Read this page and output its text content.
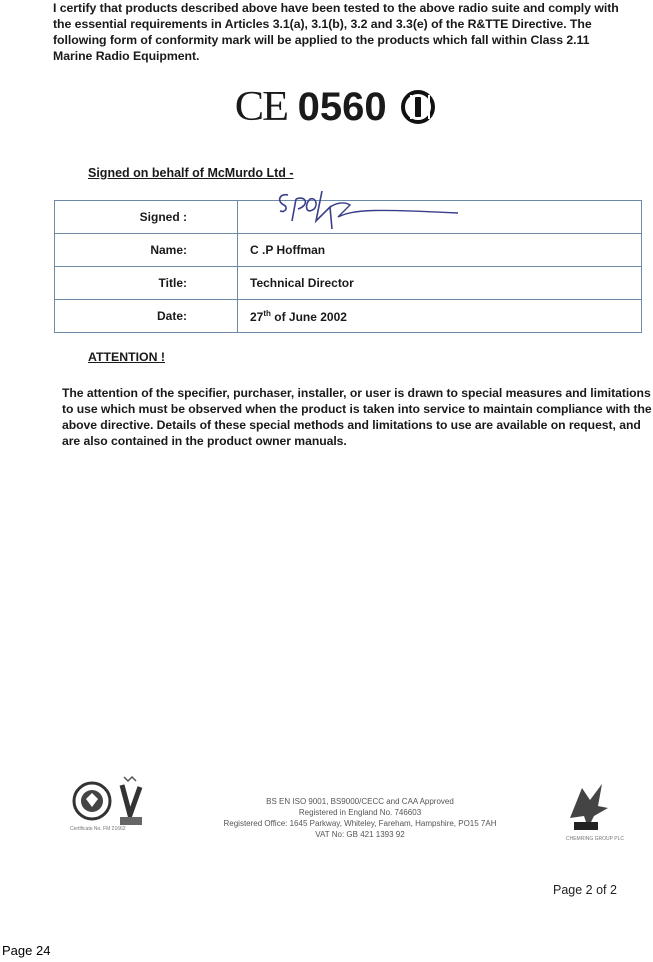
I certify that products described above have been tested to the above radio suite and comply with the essential requirements in Articles 3.1(a), 3.1(b), 3.2 and 3.3(e) of the R&TTE Directive. The following form of conformity mark will be applied to the products which fall within Class 2.11 Marine Radio Equipment.
CE 0560
Signed on behalf of McMurdo Ltd -
Signed :	

Name:	C .P Hoffman
Title:	Technical Director
Date:	27th of June 2002
ATTENTION !
The attention of the specifier, purchaser, installer, or user is drawn to special measures and limitations to use which must be observed when the product is taken into service to maintain compliance with the above directive. Details of these special methods and limitations to use are available on request, and are also contained in the product owner manuals.
Certificate No. FM 21662
BS EN ISO 9001, BS9000/CECC and CAA Approved
Registered in England No. 746603
Registered Office: 1645 Parkway, Whiteley, Fareham, Hampshire, PO15 7AH
VAT No: GB 421 1393 92	CHEMRING GROUP PLC
Page 2 of 2
Page 24
